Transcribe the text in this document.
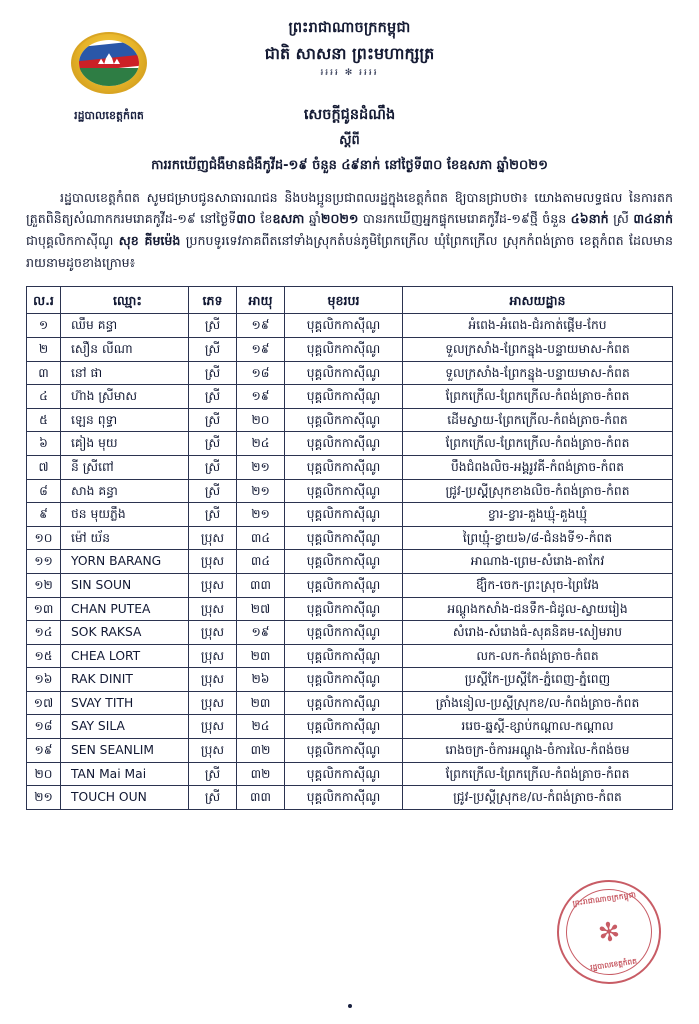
រដ្ឋបាលខេត្តកំពត
ព្រះរាជាណាចក្រកម្ពុជា
ជាតិ សាសនា ព្រះមហាក្សត្រ
៛៛៛៛ ✻ ៛៛៛៛
សេចក្តីជូនដំណឹង
ស្តីពី
ការរកឃើញជំងឺមានជំងឺកូវីដ-១៩ ចំនួន ៤៩នាក់ នៅថ្ងៃទី៣០ ខែឧសភា ឆ្នាំ២០២១
រដ្ឋបាលខេត្តកំពត សូមជម្រាបជូនសាធារណជន និងបងប្អូនប្រជាពលរដ្ឋក្នុងខេត្តកំពត ឱ្យបានជ្រាបថា៖ យោងតាមលទ្ធផល នៃការតកត្រួតពិនិត្យសំណាកករមរោគកូវីដ-១៩ នៅថ្ងៃទី៣០ ខែឧសភា ឆ្នាំ២០២១ បានរកឃើញអ្នកផ្ទុកមេរោគកូវីដ-១៩ថ្មី ចំនួន ៤៦នាក់ ស្រី ៣៤នាក់ ជាបុគ្គលិកកាស៊ីណូ សុខ គីមម៉េង ប្រកបទូរទេវភាគពីតនៅទាំងស្រុកតំបន់ភូមិព្រែកក្រើល ឃុំព្រែកក្រើល ស្រុកកំពង់ត្រាច ខេត្តកំពត ដែលមានរាយនាមដូចខាងក្រោម៖
ល.រ	ឈ្មោះ	ភេទ	អាយុ	មុខរបរ	អាសយដ្ឋាន
១	ឈឹម គន្ធា	ស្រី	១៩	បុគ្គលិកកាស៊ីណូ	អំពេង-អំពេង-ជំរកាត់ផ្ដើម-កែប
២	សឿន លីណា	ស្រី	១៩	បុគ្គលិកកាស៊ីណូ	ទួលក្រសាំង-ព្រែកន្នុង-បន្ទាយមាស-កំពត
៣	នៅ ផា	ស្រី	១៨	បុគ្គលិកកាស៊ីណូ	ទួលក្រសាំង-ព្រែកន្នុង-បន្ទាយមាស-កំពត
៤	ហ៊ាង ស្រីមាស	ស្រី	១៩	បុគ្គលិកកាស៊ីណូ	ព្រែកក្រើល-ព្រែកក្រើល-កំពង់ត្រាច-កំពត
៥	ឡេន ពុទ្ធា	ស្រី	២០	បុគ្គលិកកាស៊ីណូ	ដើមស្វាយ-ព្រែកក្រើល-កំពង់ត្រាច-កំពត
៦	គៀង មុយ	ស្រី	២៤	បុគ្គលិកកាស៊ីណូ	ព្រែកក្រើល-ព្រែកក្រើល-កំពង់ត្រាច-កំពត
៧	នី ស្រីពៅ	ស្រី	២១	បុគ្គលិកកាស៊ីណូ	បឹងជំពងលិច-អង្គរូវគី-កំពង់ត្រាច-កំពត
៨	សាង គន្ធា	ស្រី	២១	បុគ្គលិកកាស៊ីណូ	ជ្រូវ-ប្រស្តី្តស្រុកខាងលិច-កំពង់ត្រាច-កំពត
៩	ថន មុយភ្លឹង	ស្រី	២១	បុគ្គលិកកាស៊ីណូ	ខ្វារ-ខ្វារ-គួងឃ្មុំ-គួងឃ្មុំ
១០	ម៉ៅ យ័ន	ប្រុស	៣៤	បុគ្គលិកកាស៊ីណូ	ព្រៃឃ្មុំ-ខ្វាយ៦/៨-ជំនងទី១-កំពត
១១	YORN BARANG	ប្រុស	៣៤	បុគ្គលិកកាស៊ីណូ	អាណាង-ព្រេម-សំរោង-តាកែវ
១២	SIN SOUN	ប្រុស	៣៣	បុគ្គលិកកាស៊ីណូ	ឱ្យិក-ចេក-ព្រះស្រុច-ព្រៃវែង
១៣	CHAN PUTEA	ប្រុស	២៧	បុគ្គលិកកាស៊ីណូ	អណ្ដូងកសាំង-ជនទឹក-ជំដូល-ស្វាយរៀង
១៤	SOK RAKSA	ប្រុស	១៩	បុគ្គលិកកាស៊ីណូ	សំរោង-សំរោងធំ-សុគនិគម-សៀមរាប
១៥	CHEA LORT	ប្រុស	២៣	បុគ្គលិកកាស៊ីណូ	លក-លក-កំពង់ត្រាច-កំពត
១៦	RAK DINIT	ប្រុស	២៦	បុគ្គលិកកាស៊ីណូ	ប្រស្តីកែ-ប្រស្តីកែ-ភ្នំពេញ-ភ្នំពេញ
១៧	SVAY TITH	ប្រុស	២៣	បុគ្គលិកកាស៊ីណូ	ត្រាំងនៀល-ប្រស្តីស្រុកខ/ល-កំពង់ត្រាច-កំពត
១៨	SAY SILA	ប្រុស	២៤	បុគ្គលិកកាស៊ីណូ	ររេច-ឆ្នស្តី-ខ្សាប់កណ្ដាល-កណ្ដាល
១៩	SEN SEANLIM	ប្រុស	៣២	បុគ្គលិកកាស៊ីណូ	រោងចក្រ-ចំការអណ្ដូង-ចំការលៃ-កំពង់ចម
២០	TAN Mai Mai	ស្រី	៣២	បុគ្គលិកកាស៊ីណូ	ព្រែកក្រើល-ព្រែកក្រើល-កំពង់ត្រាច-កំពត
២១	TOUCH OUN	ស្រី	៣៣	បុគ្គលិកកាស៊ីណូ	ជ្រូវ-ប្រស្តីស្រុកខ/ល-កំពង់ត្រាច-កំពត
ព្រះរាជាណាចក្រកម្ពុជា
✻
រដ្ឋបាលខេត្តកំពត
